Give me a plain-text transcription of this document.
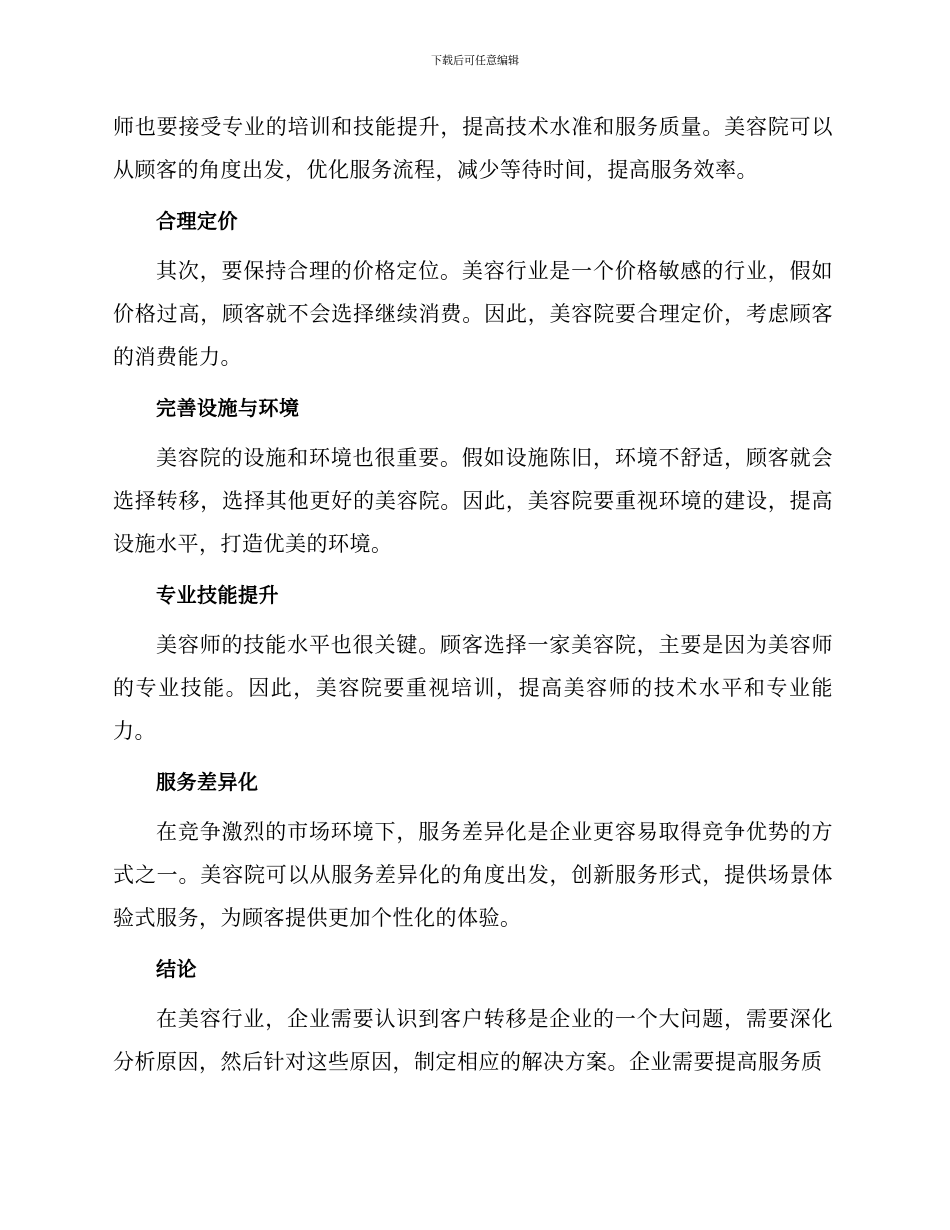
下载后可任意编辑

师也要接受专业的培训和技能提升，提高技术水准和服务质量。美容院可以从顾客的角度出发，优化服务流程，减少等待时间，提高服务效率。

合理定价

其次，要保持合理的价格定位。美容行业是一个价格敏感的行业，假如价格过高，顾客就不会选择继续消费。因此，美容院要合理定价，考虑顾客的消费能力。

完善设施与环境

美容院的设施和环境也很重要。假如设施陈旧，环境不舒适，顾客就会选择转移，选择其他更好的美容院。因此，美容院要重视环境的建设，提高设施水平，打造优美的环境。

专业技能提升

美容师的技能水平也很关键。顾客选择一家美容院，主要是因为美容师的专业技能。因此，美容院要重视培训，提高美容师的技术水平和专业能力。

服务差异化

在竞争激烈的市场环境下，服务差异化是企业更容易取得竞争优势的方式之一。美容院可以从服务差异化的角度出发，创新服务形式，提供场景体验式服务，为顾客提供更加个性化的体验。

结论

在美容行业，企业需要认识到客户转移是企业的一个大问题，需要深化分析原因，然后针对这些原因，制定相应的解决方案。企业需要提高服务质
